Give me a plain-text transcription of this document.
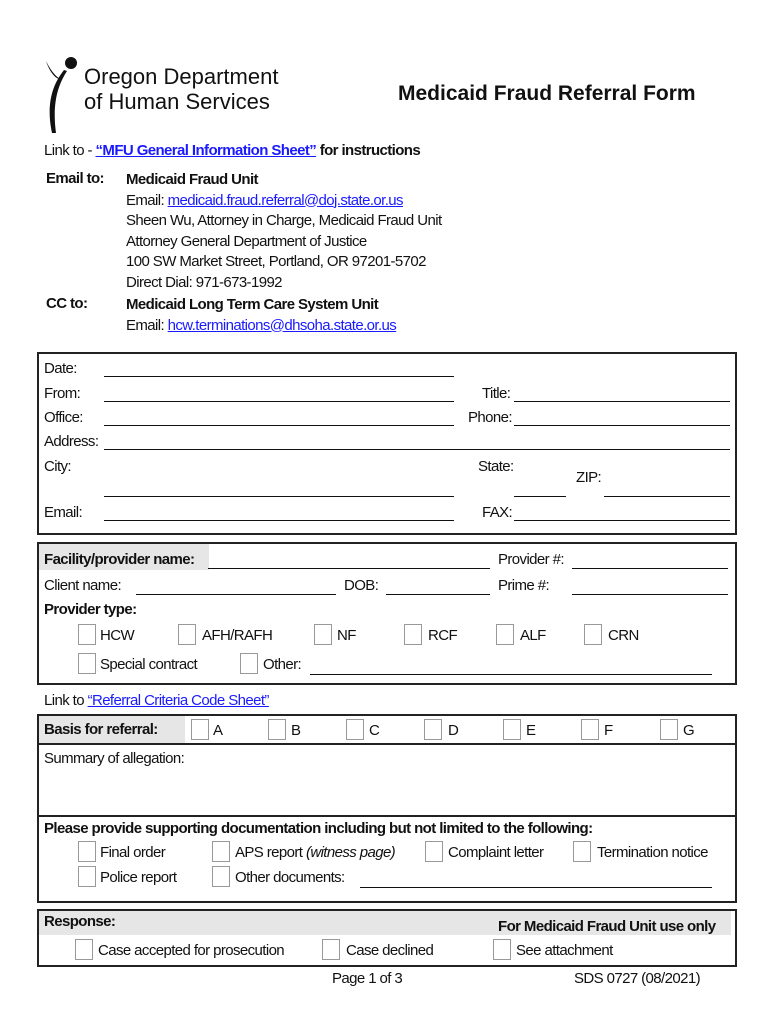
Oregon Department
of Human Services	Medicaid Fraud Referral Form
Link to - “MFU General Information Sheet” for instructions
Email to: Medicaid Fraud Unit
Email: medicaid.fraud.referral@doj.state.or.us
Sheen Wu, Attorney in Charge, Medicaid Fraud Unit
Attorney General Department of Justice
100 SW Market Street, Portland, OR 97201-5702
Direct Dial: 971-673-1992
CC to:	Medicaid Long Term Care System Unit
Email: hcw.terminations@dhsoha.state.or.us
Date:
From:	Title:
Office:	Phone:
Address:
City:	State:
ZIP:
Email:	FAX:
Facility/provider name:	Provider #:
Client name:	DOB:	Prime #:
Provider type:
HCW	AFH/RAFH	NF	RCF	ALF	CRN
Special contract	Other:
Link to “Referral Criteria Code Sheet”
Basis for referral:	A	B	C	D	E	F	G
Summary of allegation:
Please provide supporting documentation including but not limited to the following:
Final order	APS report (witness page)	Complaint letter	Termination notice
Police report	Other documents:
Response:	For Medicaid Fraud Unit use only
Case accepted for prosecution	Case declined	See attachment
Page 1 of 3	SDS 0727 (08/2021)
